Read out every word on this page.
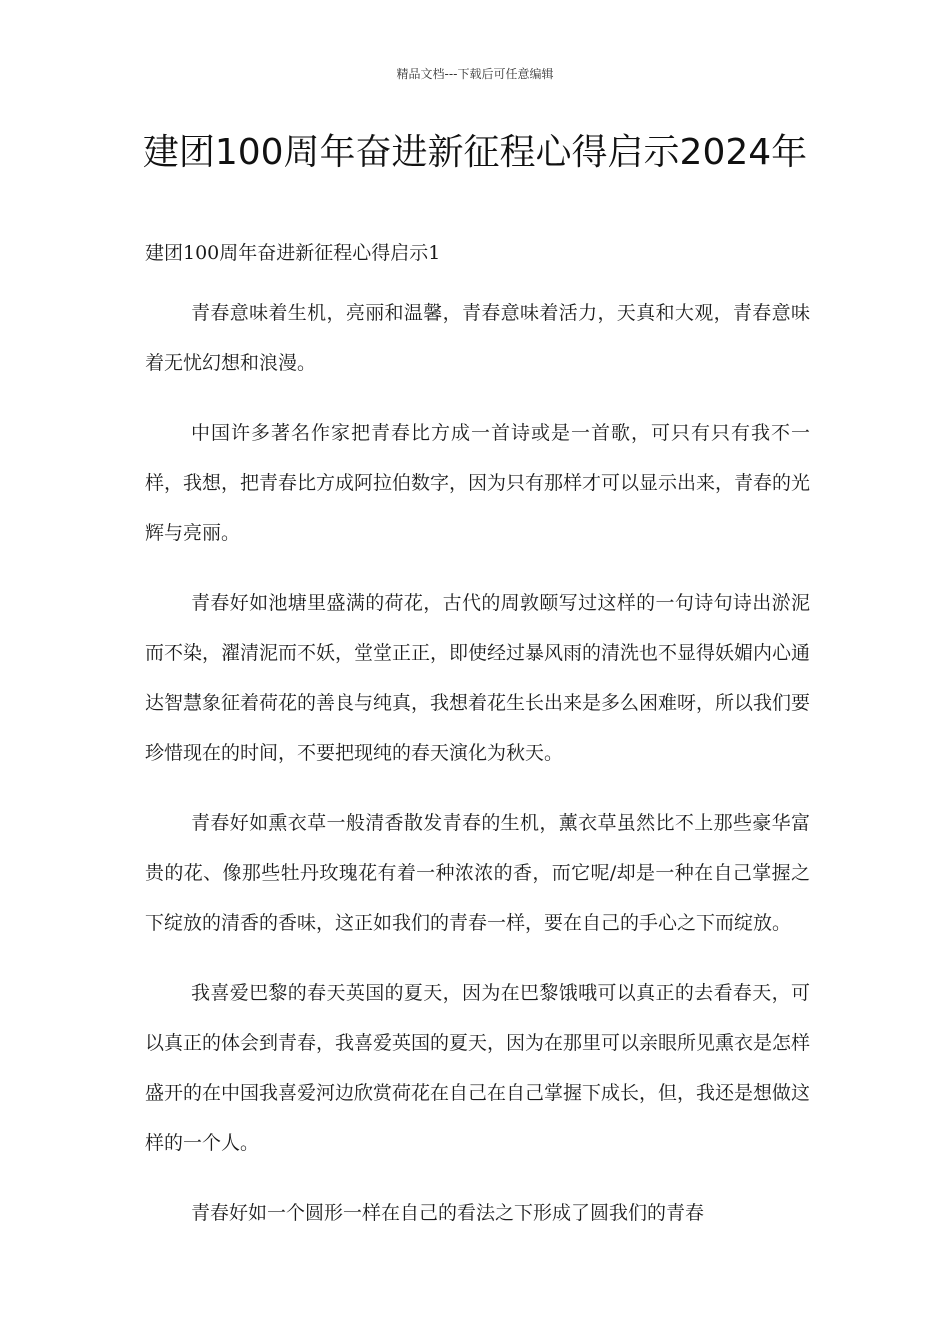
精品文档---下载后可任意编辑
建团100周年奋进新征程心得启示2024年

建团100周年奋进新征程心得启示1

青春意味着生机，亮丽和温馨，青春意味着活力，天真和大观，青春意味着无忧幻想和浪漫。

中国许多著名作家把青春比方成一首诗或是一首歌，可只有只有我不一样，我想，把青春比方成阿拉伯数字，因为只有那样才可以显示出来，青春的光辉与亮丽。

青春好如池塘里盛满的荷花，古代的周敦颐写过这样的一句诗句诗出淤泥而不染，濯清泥而不妖，堂堂正正，即使经过暴风雨的清洗也不显得妖媚内心通达智慧象征着荷花的善良与纯真，我想着花生长出来是多么困难呀，所以我们要珍惜现在的时间，不要把现纯的春天演化为秋天。

青春好如熏衣草一般清香散发青春的生机，薰衣草虽然比不上那些豪华富贵的花、像那些牡丹玫瑰花有着一种浓浓的香，而它呢/却是一种在自己掌握之下绽放的清香的香味，这正如我们的青春一样，要在自己的手心之下而绽放。

我喜爱巴黎的春天英国的夏天，因为在巴黎饿哦可以真正的去看春天，可以真正的体会到青春，我喜爱英国的夏天，因为在那里可以亲眼所见熏衣是怎样盛开的在中国我喜爱河边欣赏荷花在自己在自己掌握下成长，但，我还是想做这样的一个人。

青春好如一个圆形一样在自己的看法之下形成了圆我们的青春
